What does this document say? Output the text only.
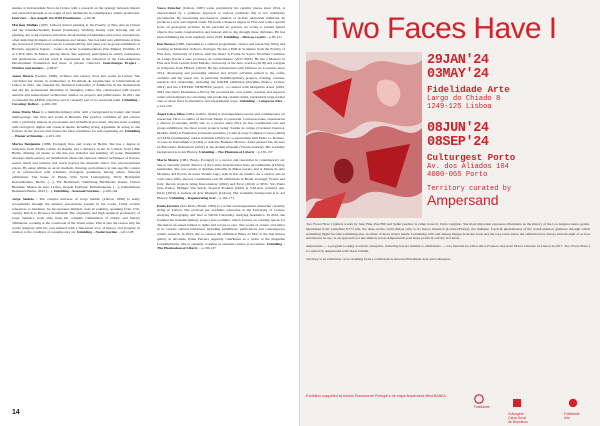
studies at Universidade Nova de Lisboa with a research on the synergy between literary and curatorial thought as an origin of new tendencies in contemporary artistic production. Interview ‒ Jess Angell: On Wild Prominence ‒ p.92-99

Mariana Malhão (1995, Lisbon) started painting at the Faculty of Fine Arts in Lisbon and the Kunsthochschule Kassel (Germany). Working mainly with drawing and oil painting, her work explores narratives about human relationships and social conventions, often depicting moments of ordinariness and leisure. She has held solo exhibitions at Rua das Gaivotas 6 (2022) and Casa do Comum (2024), and takes part in group exhibitions at Brotéria, Appleton Square – Centro de Artes Contemporâneas (São Miguel, Pavilhão 31 at C.H.P. Júlio de Matos, among others. She regularly participates in artistic residencies and publications, and her work is represented in the collection of the Luso-American Development Foundation and those of private collectors. Interchanges Project ‒ Witches and mutters ‒ p.98-97

Joana Duarte (Lisbon, 1988), architect and curator, lives and works in Lisbon. She concluded her master in architecture at Faculdade de Arquitectura of Universidade de Lisboa in 2012, she attended the Technical University of Eindhoven in the Netherlands and did her professional internship in Shanghai, China. She collaborated with several national and international architecture studios on projects and publications. In 2021 she co-founded the AFINA collective and is currently part of its curatorial team. Unfolding ‒ Curating: Reflect ‒ p.200-109

Anne Marie Maes is a multidisciplinary artist with a background in botany and visual anthropology. She lives and works in Brussels. Her practice combines art and science with a particular interest in ecosystems and alchemical processes. She has been working with biological, digital and classical media, including living organisms. In doing so she focuses on the process and creates the ideal conditions for self-organising art. Unfolding ‒ Wiener of Kinship ‒ p.103-109

Marisa Benjamim (1986, Portugal) lives and works in Berlin. She has a degree in Sculpture from ESAD Caldas da Rainha and a Master's in Art in Context from UDK Berlin. Making art plants as she has raw material and jumping off point, Benjamim develops multi-sensory art installations where she explores cultural techniques of flavour, sound, smell and textures that reach beyond the museum visitor into unconventional places. By using edibles as an art medium, drawing, performance in site-specific context or in collaboration with scientists, biologists, gardeners, among others. Selected exhibitions: The Sense of Plants, Villa Verdi Ludwigsburg, 2019; Herbarium Kolonialismus, Berlin, (…); Fix Herbarium, Sammlung Berlinische Poesie, Lisbon Biennale, Museu de Arte, Lisboa, Projekt Poétique; Kulturbrauerei, (…); Künstlerhaus Bethanien Berlin, 2023 (…). Unfolding ‒ Seasonal Gardens ‒ p.100-104

Jorge Senhão - The creative universe of Jorge Senhão (Lisbon, 1998) is easily recognisable through the unusual associations present in his works. Using archive references to literature, he incorporates multiple tools in painting, spanning from 17th-century Dutch to Picasso's modernism. The originality and high technical proficiency of Jorge Senhão's work arise from his complex combination of artistic and literary affiliations, working at the crossroads of the visual satire. This is also the reason why his works integrate with his own infused with a fine-tuned love of history and property in relation to the condition of contemporary art. Unfolding ‒ Nodal Garden ‒ p.01-128

Vasco Futscher (Lisbon, 1987) work, particularly his ceramic pieces since 2014, is characterized by a synthetic approach to various traditions that is not commonly encountered. By associating pre-classical, oriental, or archaic referential traditions, he produces a new and original result. He holds a master's degree in Fine Arts with a special focus on geological archives. In his personal art practice, he works to present hybrid objects that resist categorisation and instead aim to dig through these divisions. He has been exhibiting his work regularly since 2018. Unfolding ‒ Rien ne va plus ‒ p.93-121

Inês Botaça (1988, Santarém) is a cultural programmer, curator and researcher living and working in Montemor-O-Novo, Portugal. He has a PhD in Sculpture from the Faculty of Fine Arts, University of Lisbon, with the thesis 'A Forma do Sopro: Escultura Cerâmica de Longa Escala e seus processos de conhecimento' (2017-2023). He has a Master's in Fine Arts from Central Saint Martins, University of the Arts, London (2018) and a degree in Sculpture from FBAUL (2010). He has collaborated with Oficinas do Convento since 2014, developing and presenting cultural and artistic activities related to the crafts, ceramics and the visual arts, in particular multidisciplinary projects, training, creation, research and curatorship, including the NATER exhibition (Pavilhão Branco, Lisbon, 2023) and the CENTRO NEXEFILE project, co-curated with Margarida Alves (2022, 2023 and Santa Montemor-o-Novo). He produces his own artistic creation and supports artists and designers in conceiving and producing ceramic items, particularly large-format ones or those fired in alternative and experimental ways. Unfolding ‒ Lampyrus Flux ‒ p.122-129

Ángel Calvo Ulloa (1984, Galicia, Spain) is an independent curator and contemporary art researcher. He is co-author of the book 'Desde lo curatorial. Conversaciones, experiencias y afectos' (Consonni, 2020) and, as a curator since 2011, he has coordinated solo and group exhibitions, the most recent projects being: Sandía de campo (Cardenal Cisneros, Madrid, 2024) at Fundación Cerezales Antonino y Cinia (León); Complejo Coloso (2022) at CIAXI (Guimarães); cuidar el mundo (2022), in co-curatorship with Pedro G. Romero, at Casa de Iberoamérica (Cádiz) or Antonio Ballester Moreno. Autoconstrucción, Picasso en Barcelona. Resistencia (2022) at the Artium museum (Vitoria-Gasteiz). His academic background is in Art History. Unfolding ‒ The Phantom of Liberty ‒ p.130-137

Marta Mestre (1981, Braga, Portugal) is a curator and researcher in contemporary art. She is currently artistic director of the Centro Internacional Sono de Guimarães (CIAJG), Guimarães. She was curator at Instituto Inhotim, in Minas Gerais, and at Museu de Arte Moderna and Escola de Artes Visuais Lage, both in Rio de Janeiro. As a curator and an critic since 2005, she has coordinated over 60 exhibitions in Brazil, Portugal, France and Italy. Recent projects being Descolonizar (2022) and Ficar (2019) at SESC São Paulo (São Paulo); Philippe Van Snick; Tropical Promise (2022) at S.M.A.K. (Ghent); Ant. Pérez (2019) at Galería de Arte Moderna (Lisbon). Her academic background is in Art History. Unfolding ‒ Regenerating Scar ‒ p.162-171

Paula Ferreira (São Paulo, Brazil, 1993) is a writer and independent researcher currently living in Lisbon. She received her academic education at the University of Lisbon, studying Photography and later at NOVA University, studying Aesthetics. In 2022, she founded the transdisciplinary project Ana Godinho, which focuses on creating spaces for discussion on issues related to rights and access to care. She works as curator and editor in its various cultural initiatives, including exhibitions, publications and contemporary artistic research. In 2023, she co-curated the exhibition 'Beira do Mar' at the Itaú Pessoa gallery in Alvalade. Paula Ferreira regularly contributes as a writer to the magazine Contemplações. She is currently working as assistant curator at Accenture. Unfolding ‒ The Pharmakon of Liberty ‒ p.136-137

14
Two Faces Have I
29JAN'24
03MAY'24
Fidelidade Arte
Largo do Chiado 8
1249-125 Lisboa
08JUN'24
08SEP'24
Culturgest Porto
Av. dos Aliados 104
4000-065 Porto
Territory curated by
Ampersand

Two Faces Have I gathers works by Jane Fine, Pau Hill and Spike Gardner is rather done by Chris Langdon. She most important exposures illuminate us the history of the Los Angeles neuro-gentle. Merriment from Lampflies P.773 this, the three tracks could almost refer to its macro mutation (Lobster/Fleeze), the multiple, fossil & phenomenon of the transformation guidance through which something might become something else, in either of those artist's hands. Continuing with and among images from the book and the very latest ideas, the exhibition has always been thought of as four subcultures in one, in an approach not uncommon across Ampersand's past more practical activity in Lisbon.

Ampersand — a program looking at artistic enterprise, including but not limited to exhibitions — was founded by editor Alice Fonseca and artist Marco Liberato in Lisbon in 2017. Two Faces Have I is curated by Ampersand with Jason Jamieh.

Territory is an exhibition cycle resulting from a collaboration between Fidelidade Arte and Culturgest.

Exhibition supported by fundos Estrutura de Portugal e de etapa Ampersand Wind BANKA
Fidelidade

Culturgest
Caixa Geral
de Depósitos

Fidelidade
Arte
